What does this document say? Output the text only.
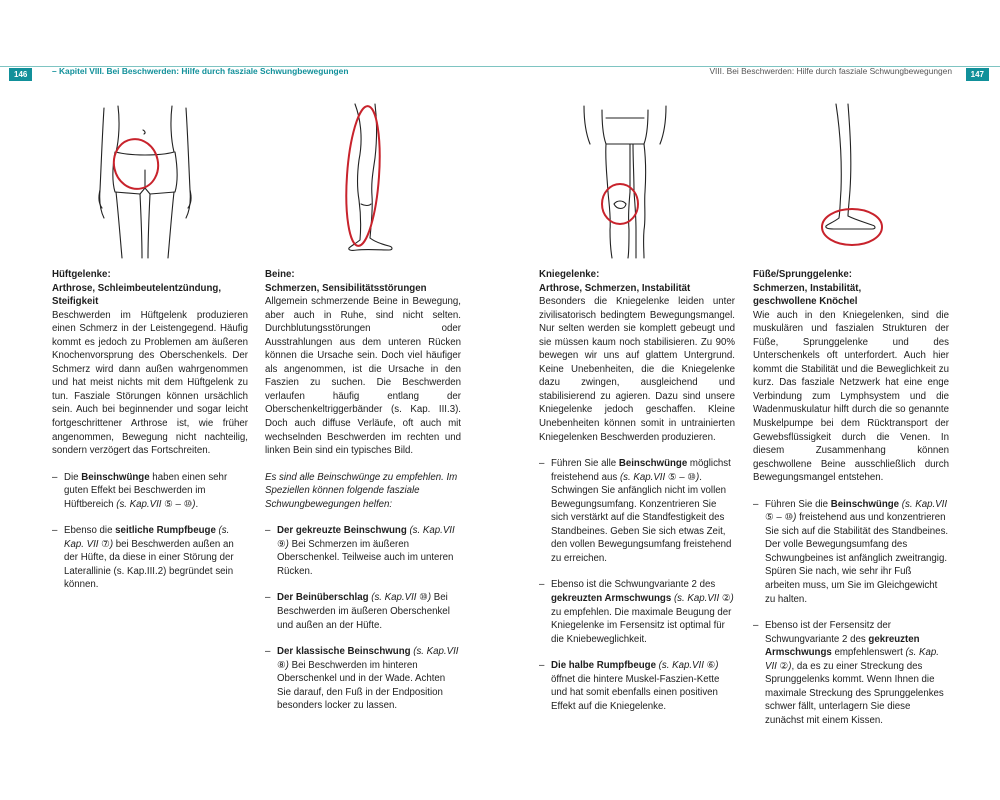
146	– Kapitel VIII. Bei Beschwerden: Hilfe durch fasziale Schwungbewegungen	VIII. Bei Beschwerden: Hilfe durch fasziale Schwungbewegungen	147

Hüftgelenke:

Arthrose, Schleimbeutelentzündung,

Steifigkeit

Beschwerden im Hüftgelenk produzieren einen Schmerz in der Leistengegend. Häufig kommt es jedoch zu Problemen am äußeren Knochenvorsprung des Oberschenkels. Der Schmerz wird dann außen wahrgenommen und hat meist nichts mit dem Hüftgelenk zu tun. Fasziale Störungen können ursächlich sein. Auch bei beginnender und sogar leicht fortgeschrittener Arthrose ist, wie früher angenommen, Bewegung nicht nachteilig, sondern verzögert das Fortschreiten.

– Die Beinschwünge haben einen sehr guten Effekt bei Beschwerden im Hüftbereich (s. Kap.VII ⑤ – ⑩).
– Ebenso die seitliche Rumpfbeuge (s. Kap. VII ⑦) bei Beschwerden außen an der Hüfte, da diese in einer Störung der Laterallinie (s. Kap.III.2) begründet sein können.

Beine:

Schmerzen, Sensibilitätsstörungen

Allgemein schmerzende Beine in Bewegung, aber auch in Ruhe, sind nicht selten. Durchblutungsstörungen oder Ausstrahlungen aus dem unteren Rücken können die Ursache sein. Doch viel häufiger als angenommen, ist die Ursache in den Faszien zu suchen. Die Beschwerden verlaufen häufig entlang der Oberschenkeltriggerbänder (s. Kap. III.3). Doch auch diffuse Verläufe, oft auch mit wechselnden Beschwerden im rechten und linken Bein sind ein typisches Bild.

Es sind alle Beinschwünge zu empfehlen. Im Speziellen können folgende fasziale Schwungbewegungen helfen:

– Der gekreuzte Beinschwung (s. Kap.VII ⑨) Bei Schmerzen im äußeren Oberschenkel. Teilweise auch im unteren Rücken.
– Der Beinüberschlag (s. Kap.VII ⑩) Bei Beschwerden im äußeren Oberschenkel und außen an der Hüfte.
– Der klassische Beinschwung (s. Kap.VII ⑧) Bei Beschwerden im hinteren Oberschenkel und in der Wade. Achten Sie darauf, den Fuß in der Endposition besonders locker zu lassen.

Kniegelenke:

Arthrose, Schmerzen, Instabilität

Besonders die Kniegelenke leiden unter zivilisatorisch bedingtem Bewegungsmangel. Nur selten werden sie komplett gebeugt und sie müssen kaum noch stabilisieren. Zu 90% bewegen wir uns auf glattem Untergrund. Keine Unebenheiten, die die Kniegelenke dazu zwingen, ausgleichend und stabilisierend zu agieren. Dazu sind unsere Kniegelenke jedoch geschaffen. Kleine Unebenheiten können somit in untrainierten Kniegelenken Beschwerden produzieren.

– Führen Sie alle Beinschwünge möglichst freistehend aus (s. Kap.VII ⑤ – ⑩). Schwingen Sie anfänglich nicht im vollen Bewegungsumfang. Konzentrieren Sie sich verstärkt auf die Standfestigkeit des Standbeines. Geben Sie sich etwas Zeit, den vollen Bewegungsumfang freistehend zu erreichen.
– Ebenso ist die Schwungvariante 2 des gekreuzten Armschwungs (s. Kap.VII ②) zu empfehlen. Die maximale Beugung der Kniegelenke im Fersensitz ist optimal für die Kniebeweglichkeit.
– Die halbe Rumpfbeuge (s. Kap.VII ⑥) öffnet die hintere Muskel-Faszien-Kette und hat somit ebenfalls einen positiven Effekt auf die Kniegelenke.

Füße/Sprunggelenke:

Schmerzen, Instabilität,

geschwollene Knöchel

Wie auch in den Kniegelenken, sind die muskulären und faszialen Strukturen der Füße, Sprunggelenke und des Unterschenkels oft unterfordert. Auch hier kommt die Stabilität und die Beweglichkeit zu kurz. Das fasziale Netzwerk hat eine enge Verbindung zum Lymphsystem und die Wadenmuskulatur hilft durch die so genannte Muskelpumpe bei dem Rücktransport der Gewebsflüssigkeit durch die Venen. In diesem Zusammenhang können geschwollene Beine ausschließlich durch Bewegungsmangel entstehen.

– Führen Sie die Beinschwünge (s. Kap.VII ⑤ – ⑩) freistehend aus und konzentrieren Sie sich auf die Stabilität des Standbeines. Der volle Bewegungsumfang des Schwungbeines ist anfänglich zweitrangig. Spüren Sie nach, wie sehr ihr Fuß arbeiten muss, um Sie im Gleichgewicht zu halten.
– Ebenso ist der Fersensitz der Schwungvariante 2 des gekreuzten Armschwungs empfehlenswert (s. Kap. VII ②), da es zu einer Streckung des Sprunggelenks kommt. Wenn Ihnen die maximale Streckung des Sprunggelenkes schwer fällt, unterlagern Sie diese zunächst mit einem Kissen.
